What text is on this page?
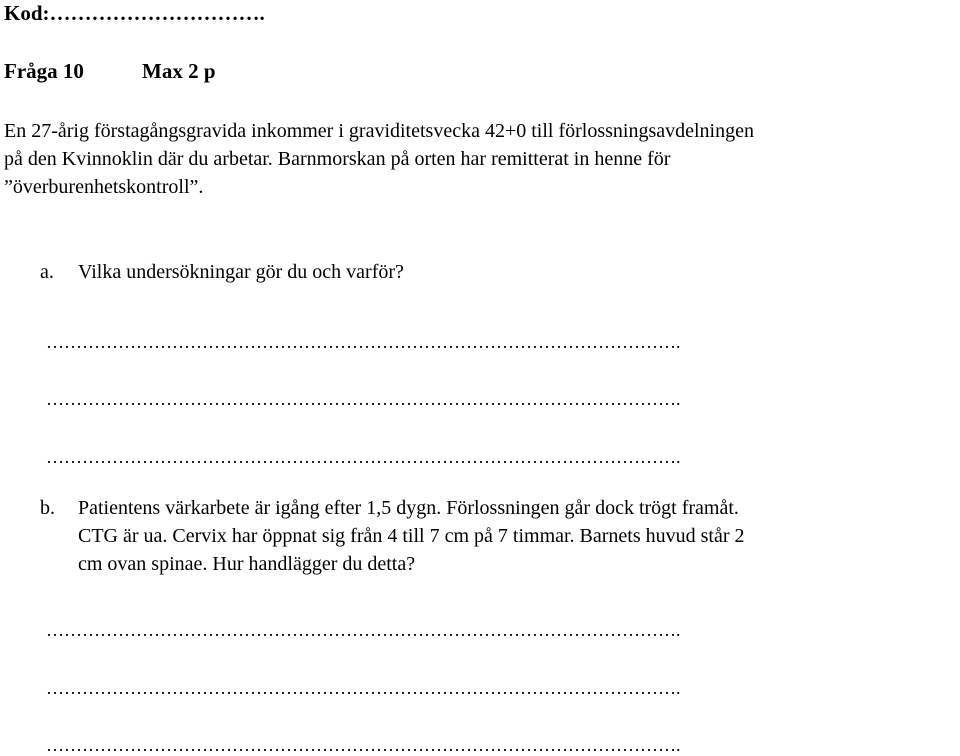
Kod:………………………….
Fråga 10	Max 2 p
En 27-årig förstagångsgravida inkommer i graviditetsvecka 42+0 till förlossningsavdelningen
på den Kvinnoklin där du arbetar. Barnmorskan på orten har remitterat in henne för
”överburenhetskontroll”.
a. Vilka undersökningar gör du och varför?
…………………………………………………………………………………………….
…………………………………………………………………………………………….
…………………………………………………………………………………………….
b. Patientens värkarbete är igång efter 1,5 dygn. Förlossningen går dock trögt framåt.
CTG är ua. Cervix har öppnat sig från 4 till 7 cm på 7 timmar. Barnets huvud står 2
cm ovan spinae. Hur handlägger du detta?
…………………………………………………………………………………………….
…………………………………………………………………………………………….
…………………………………………………………………………………………….
